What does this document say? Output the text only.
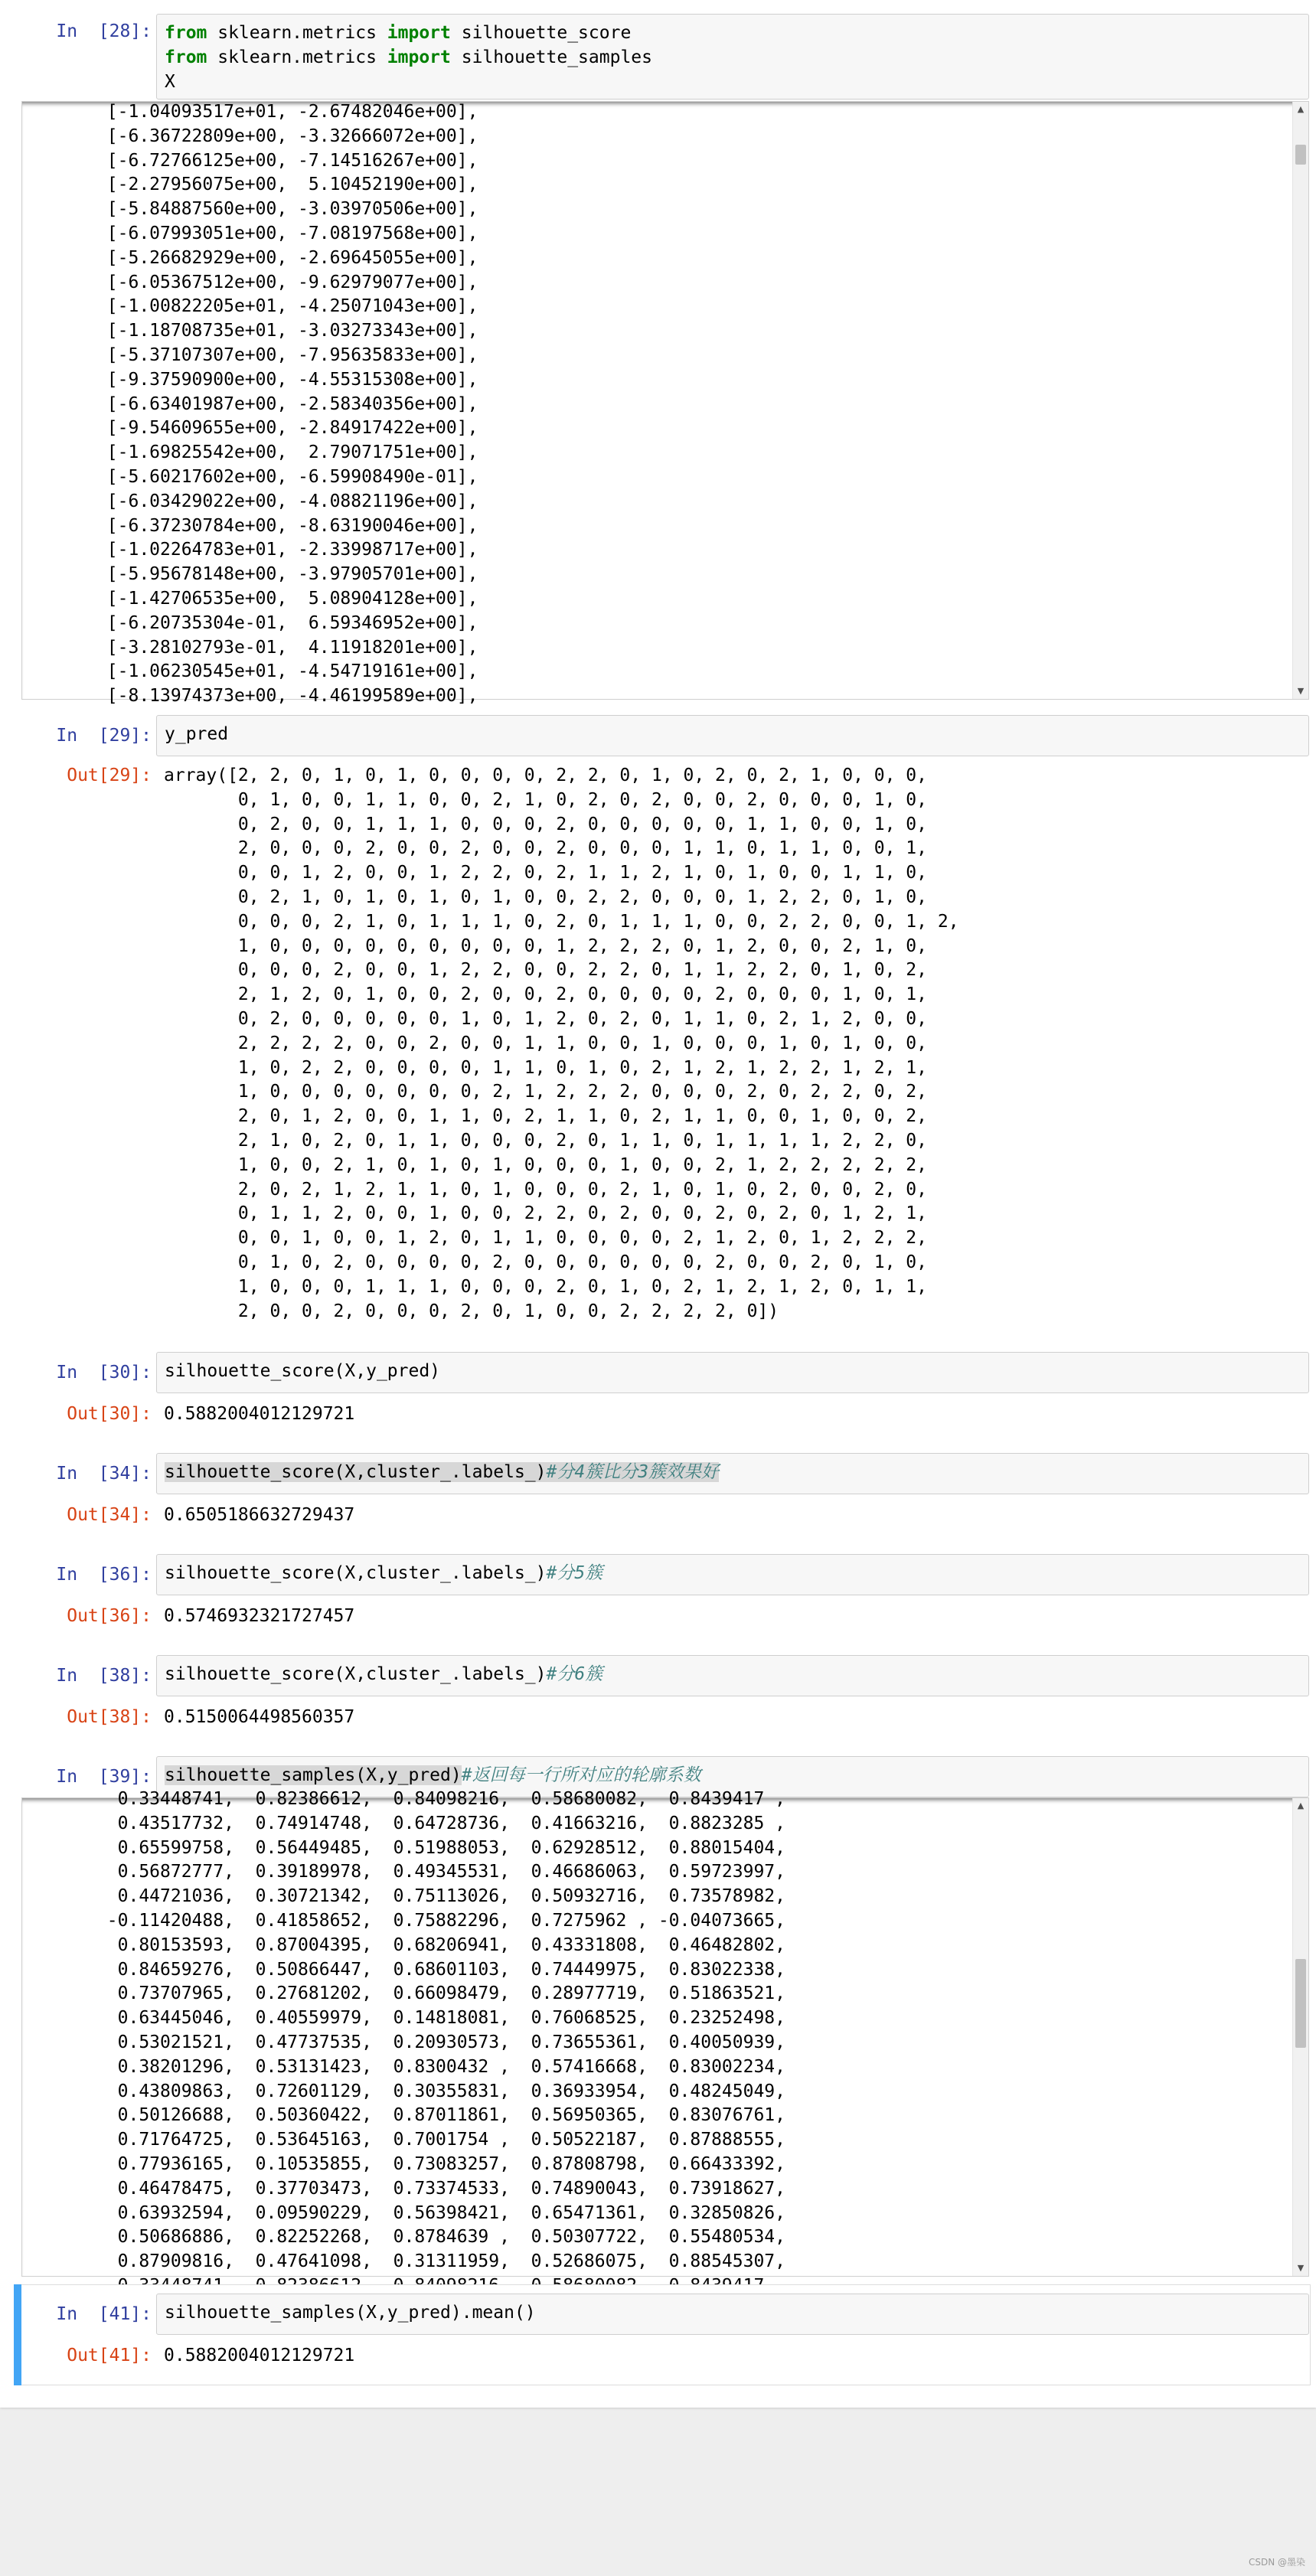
In  [28]: from sklearn.metrics import silhouette_score
from sklearn.metrics import silhouette_samples
X
[-1.04093517e+01, -2.67482046e+00],
[-6.36722809e+00, -3.32666072e+00],
[-6.72766125e+00, -7.14516267e+00],
[-2.27956075e+00,  5.10452190e+00],
[-5.84887560e+00, -3.03970506e+00],
[-6.07993051e+00, -7.08197568e+00],
[-5.26682929e+00, -2.69645055e+00],
[-6.05367512e+00, -9.62979077e+00],
[-1.00822205e+01, -4.25071043e+00],
[-1.18708735e+01, -3.03273343e+00],
[-5.37107307e+00, -7.95635833e+00],
[-9.37590900e+00, -4.55315308e+00],
[-6.63401987e+00, -2.58340356e+00],
[-9.54609655e+00, -2.84917422e+00],
[-1.69825542e+00,  2.79071751e+00],
[-5.60217602e+00, -6.59908490e-01],
[-6.03429022e+00, -4.08821196e+00],
[-6.37230784e+00, -8.63190046e+00],
[-1.02264783e+01, -2.33998717e+00],
[-5.95678148e+00, -3.97905701e+00],
[-1.42706535e+00,  5.08904128e+00],
[-6.20735304e-01,  6.59346952e+00],
[-3.28102793e-01,  4.11918201e+00],
[-1.06230545e+01, -4.54719161e+00],
[-8.13974373e+00, -4.46199589e+00],
▲
▼
In  [29]: y_pred
Out[29]: array([2, 2, 0, 1, 0, 1, 0, 0, 0, 0, 2, 2, 0, 1, 0, 2, 0, 2, 1, 0, 0, 0,
0, 1, 0, 0, 1, 1, 0, 0, 2, 1, 0, 2, 0, 2, 0, 0, 2, 0, 0, 0, 1, 0,
0, 2, 0, 0, 1, 1, 1, 0, 0, 0, 2, 0, 0, 0, 0, 0, 1, 1, 0, 0, 1, 0,
2, 0, 0, 0, 2, 0, 0, 2, 0, 0, 2, 0, 0, 0, 1, 1, 0, 1, 1, 0, 0, 1,
0, 0, 1, 2, 0, 0, 1, 2, 2, 0, 2, 1, 1, 2, 1, 0, 1, 0, 0, 1, 1, 0,
0, 2, 1, 0, 1, 0, 1, 0, 1, 0, 0, 2, 2, 0, 0, 0, 1, 2, 2, 0, 1, 0,
0, 0, 0, 2, 1, 0, 1, 1, 1, 0, 2, 0, 1, 1, 1, 0, 0, 2, 2, 0, 0, 1, 2,
1, 0, 0, 0, 0, 0, 0, 0, 0, 0, 1, 2, 2, 2, 0, 1, 2, 0, 0, 2, 1, 0,
0, 0, 0, 2, 0, 0, 1, 2, 2, 0, 0, 2, 2, 0, 1, 1, 2, 2, 0, 1, 0, 2,
2, 1, 2, 0, 1, 0, 0, 2, 0, 0, 2, 0, 0, 0, 0, 2, 0, 0, 0, 1, 0, 1,
0, 2, 0, 0, 0, 0, 0, 1, 0, 1, 2, 0, 2, 0, 1, 1, 0, 2, 1, 2, 0, 0,
2, 2, 2, 2, 0, 0, 2, 0, 0, 1, 1, 0, 0, 1, 0, 0, 0, 1, 0, 1, 0, 0,
1, 0, 2, 2, 0, 0, 0, 0, 1, 1, 0, 1, 0, 2, 1, 2, 1, 2, 2, 1, 2, 1,
1, 0, 0, 0, 0, 0, 0, 0, 2, 1, 2, 2, 2, 0, 0, 0, 2, 0, 2, 2, 0, 2,
2, 0, 1, 2, 0, 0, 1, 1, 0, 2, 1, 1, 0, 2, 1, 1, 0, 0, 1, 0, 0, 2,
2, 1, 0, 2, 0, 1, 1, 0, 0, 0, 2, 0, 1, 1, 0, 1, 1, 1, 1, 2, 2, 0,
1, 0, 0, 2, 1, 0, 1, 0, 1, 0, 0, 0, 1, 0, 0, 2, 1, 2, 2, 2, 2, 2,
2, 0, 2, 1, 2, 1, 1, 0, 1, 0, 0, 0, 2, 1, 0, 1, 0, 2, 0, 0, 2, 0,
0, 1, 1, 2, 0, 0, 1, 0, 0, 2, 2, 0, 2, 0, 0, 2, 0, 2, 0, 1, 2, 1,
0, 0, 1, 0, 0, 1, 2, 0, 1, 1, 0, 0, 0, 0, 2, 1, 2, 0, 1, 2, 2, 2,
0, 1, 0, 2, 0, 0, 0, 0, 2, 0, 0, 0, 0, 0, 0, 2, 0, 0, 2, 0, 1, 0,
1, 0, 0, 0, 1, 1, 1, 0, 0, 0, 2, 0, 1, 0, 2, 1, 2, 1, 2, 0, 1, 1,
2, 0, 0, 2, 0, 0, 0, 2, 0, 1, 0, 0, 2, 2, 2, 2, 0])
In  [30]: silhouette_score(X,y_pred)
Out[30]: 0.5882004012129721
In  [34]: silhouette_score(X,cluster_.labels_)#分4簇比分3簇效果好
Out[34]: 0.6505186632729437
In  [36]: silhouette_score(X,cluster_.labels_)#分5簇
Out[36]: 0.5746932321727457
In  [38]: silhouette_score(X,cluster_.labels_)#分6簇
Out[38]: 0.5150064498560357
In  [39]: silhouette_samples(X,y_pred)#返回每一行所对应的轮廓系数
0.33448741,  0.82386612,  0.84098216,  0.58680082,  0.8439417 ,
0.43517732,  0.74914748,  0.64728736,  0.41663216,  0.8823285 ,
0.65599758,  0.56449485,  0.51988053,  0.62928512,  0.88015404,
0.56872777,  0.39189978,  0.49345531,  0.46686063,  0.59723997,
0.44721036,  0.30721342,  0.75113026,  0.50932716,  0.73578982,
-0.11420488,  0.41858652,  0.75882296,  0.7275962 , -0.04073665,
0.80153593,  0.87004395,  0.68206941,  0.43331808,  0.46482802,
0.84659276,  0.50866447,  0.68601103,  0.74449975,  0.83022338,
0.73707965,  0.27681202,  0.66098479,  0.28977719,  0.51863521,
0.63445046,  0.40559979,  0.14818081,  0.76068525,  0.23252498,
0.53021521,  0.47737535,  0.20930573,  0.73655361,  0.40050939,
0.38201296,  0.53131423,  0.8300432 ,  0.57416668,  0.83002234,
0.43809863,  0.72601129,  0.30355831,  0.36933954,  0.48245049,
0.50126688,  0.50360422,  0.87011861,  0.56950365,  0.83076761,
0.71764725,  0.53645163,  0.7001754 ,  0.50522187,  0.87888555,
0.77936165,  0.10535855,  0.73083257,  0.87808798,  0.66433392,
0.46478475,  0.37703473,  0.73374533,  0.74890043,  0.73918627,
0.63932594,  0.09590229,  0.56398421,  0.65471361,  0.32850826,
0.50686886,  0.82252268,  0.8784639 ,  0.50307722,  0.55480534,
0.87909816,  0.47641098,  0.31311959,  0.52686075,  0.88545307,
▲
▼
In  [41]: silhouette_samples(X,y_pred).mean()
Out[41]: 0.5882004012129721
CSDN @墨染
